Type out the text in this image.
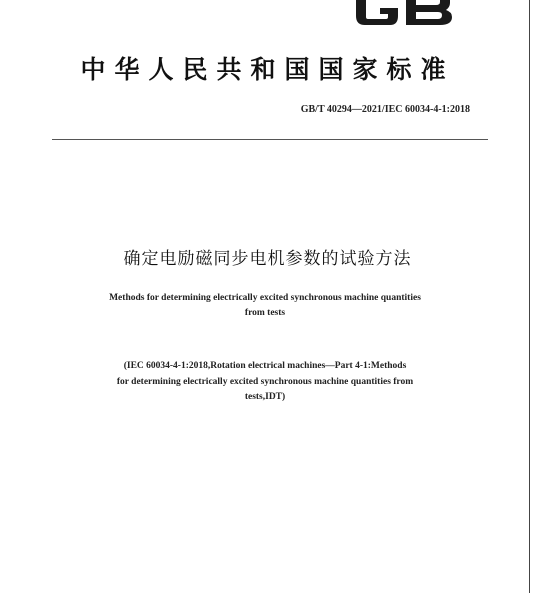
中华人民共和国国家标准
GB/T 40294—2021/IEC 60034-4-1:2018
确定电励磁同步电机参数的试验方法
Methods for determining electrically excited synchronous machine quantities
from tests
(IEC 60034-4-1:2018,Rotation electrical machines—Part 4-1:Methods
for determining electrically excited synchronous machine quantities from
tests,IDT)
